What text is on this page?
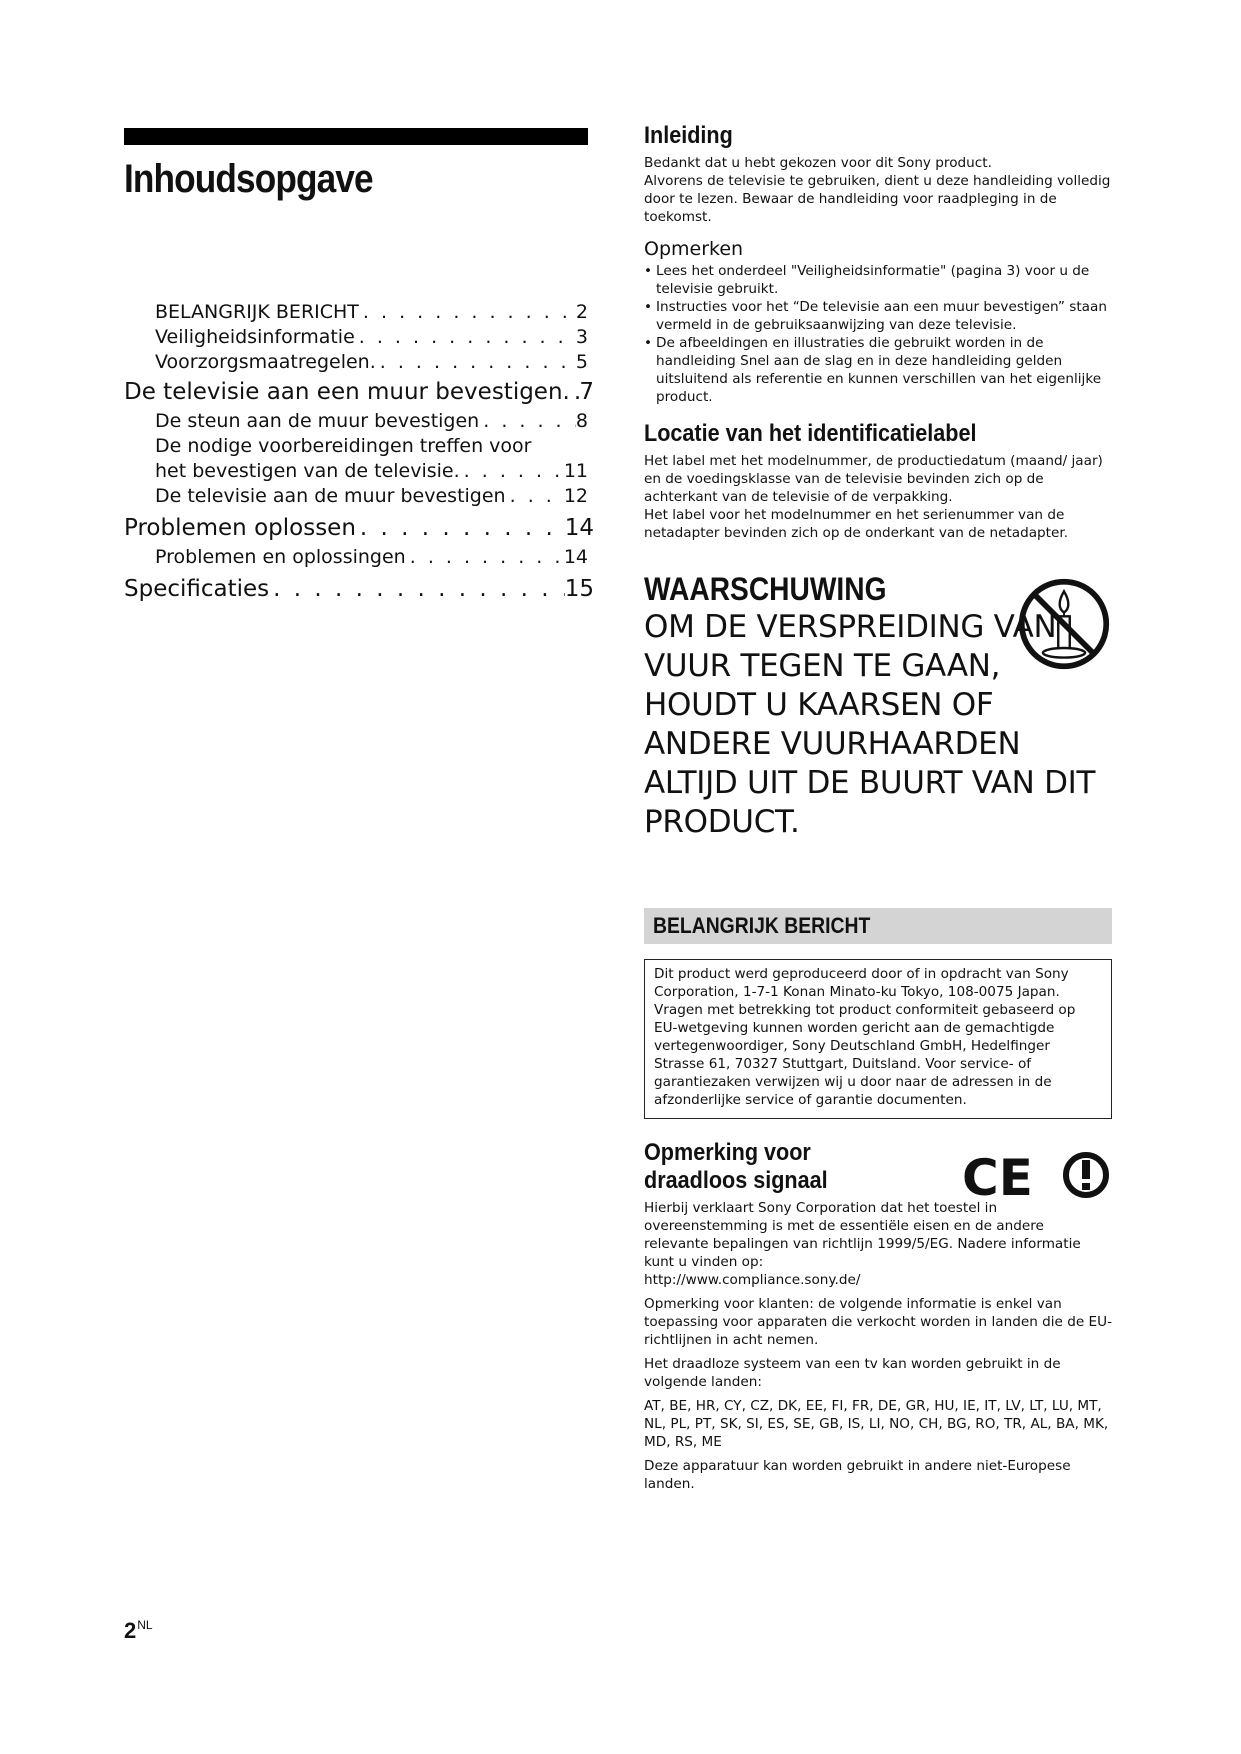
Inhoudsopgave
BELANGRIJK BERICHT . . .	2
Veiligheidsinformatie . . .	3
Voorzorgsmaatregelen. . . .	5
De televisie aan een muur bevestigen. . . . 7
De steun aan de muur bevestigen . . .	8
De nodige voorbereidingen treffen voor
het bevestigen van de televisie. . . .	11
De televisie aan de muur bevestigen . . .	12
Problemen oplossen . . .	14
Problemen en oplossingen . . .	14
Specificaties . . .	15
Inleiding

Bedankt dat u hebt gekozen voor dit Sony product.

Alvorens de televisie te gebruiken, dient u deze handleiding volledig door te lezen. Bewaar de handleiding voor raadpleging in de toekomst.

Opmerken
• Lees het onderdeel "Veiligheidsinformatie" (pagina 3) voor u de televisie gebruikt.
• Instructies voor het “De televisie aan een muur bevestigen” staan vermeld in de gebruiksaanwijzing van deze televisie.
• De afbeeldingen en illustraties die gebruikt worden in de handleiding Snel aan de slag en in deze handleiding gelden uitsluitend als referentie en kunnen verschillen van het eigenlijke product.
Locatie van het identificatielabel

Het label met het modelnummer, de productiedatum (maand/ jaar) en de voedingsklasse van de televisie bevinden zich op de achterkant van de televisie of de verpakking.

Het label voor het modelnummer en het serienummer van de netadapter bevinden zich op de onderkant van de netadapter.

WAARSCHUWING
OM DE VERSPREIDING VAN VUUR TEGEN TE GAAN, HOUDT U KAARSEN OF ANDERE VUURHAARDEN ALTIJD UIT DE BUURT VAN DIT PRODUCT.
BELANGRIJK BERICHT

Dit product werd geproduceerd door of in opdracht van Sony Corporation, 1-7-1 Konan Minato-ku Tokyo, 108-0075 Japan. Vragen met betrekking tot product conformiteit gebaseerd op EU-wetgeving kunnen worden gericht aan de gemachtigde vertegenwoordiger, Sony Deutschland GmbH, Hedelfinger Strasse 61, 70327 Stuttgart, Duitsland. Voor service- of garantiezaken verwijzen wij u door naar de adressen in de afzonderlijke service of garantie documenten.

Opmerking voor draadloos signaal	CE

Hierbij verklaart Sony Corporation dat het toestel in overeenstemming is met de essentiële eisen en de andere relevante bepalingen van richtlijn 1999/5/EG. Nadere informatie kunt u vinden op:
http://www.compliance.sony.de/

Opmerking voor klanten: de volgende informatie is enkel van toepassing voor apparaten die verkocht worden in landen die de EU-richtlijnen in acht nemen.

Het draadloze systeem van een tv kan worden gebruikt in de volgende landen:

AT, BE, HR, CY, CZ, DK, EE, FI, FR, DE, GR, HU, IE, IT, LV, LT, LU, MT, NL, PL, PT, SK, SI, ES, SE, GB, IS, LI, NO, CH, BG, RO, TR, AL, BA, MK, MD, RS, ME

Deze apparatuur kan worden gebruikt in andere niet-Europese landen.

$2^{NL}$
